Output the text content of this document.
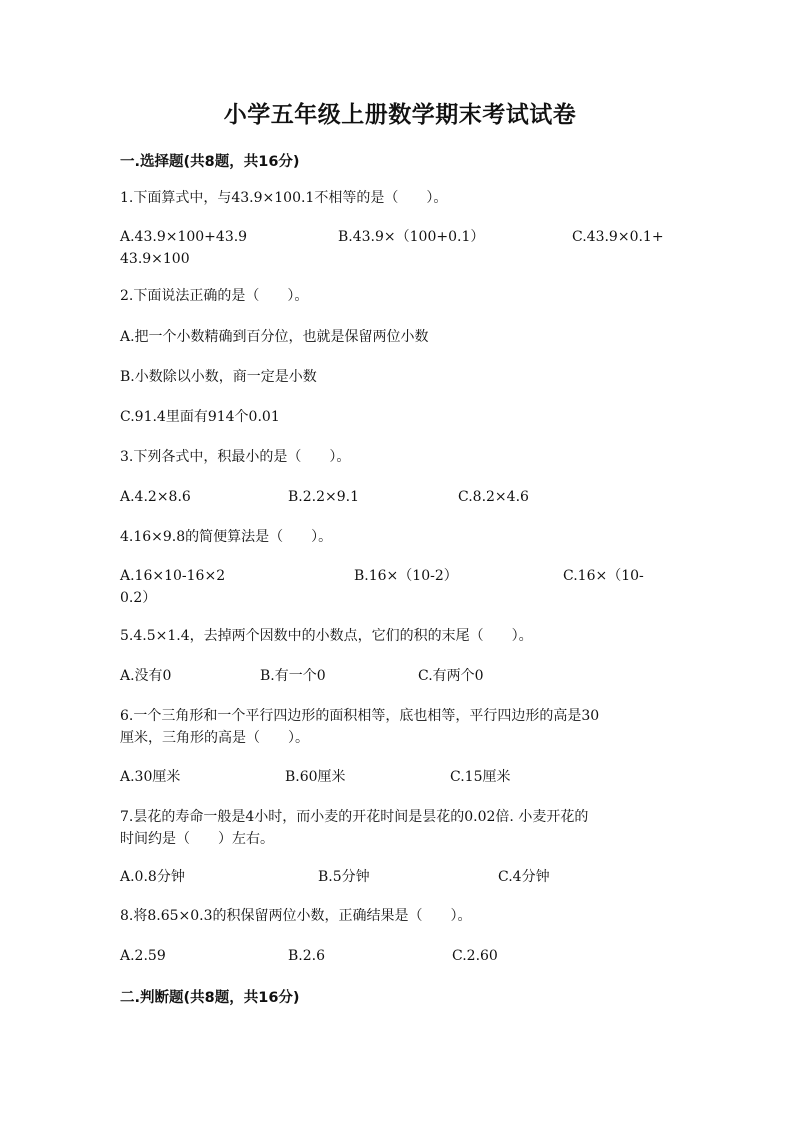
小学五年级上册数学期末考试试卷
一.选择题(共8题，共16分)
1.下面算式中，与43.9×100.1不相等的是（　　）。
A.43.9×100+43.9	B.43.9×（100+0.1）	C.43.9×0.1+
43.9×100
2.下面说法正确的是（　　）。
A.把一个小数精确到百分位，也就是保留两位小数
B.小数除以小数，商一定是小数
C.91.4里面有914个0.01
3.下列各式中，积最小的是（　　）。
A.4.2×8.6	B.2.2×9.1	C.8.2×4.6
4.16×9.8的简便算法是（　　）。
A.16×10-16×2	B.16×（10-2）	C.16×（10-
0.2）
5.4.5×1.4，去掉两个因数中的小数点，它们的积的末尾（　　）。
A.没有0	B.有一个0	C.有两个0
6.一个三角形和一个平行四边形的面积相等，底也相等，平行四边形的高是30
厘米，三角形的高是（　　）。
A.30厘米	B.60厘米	C.15厘米
7.昙花的寿命一般是4小时，而小麦的开花时间是昙花的0.02倍. 小麦开花的
时间约是（　　）左右。
A.0.8分钟	B.5分钟	C.4分钟
8.将8.65×0.3的积保留两位小数，正确结果是（　　）。
A.2.59	B.2.6	C.2.60
二.判断题(共8题，共16分)
